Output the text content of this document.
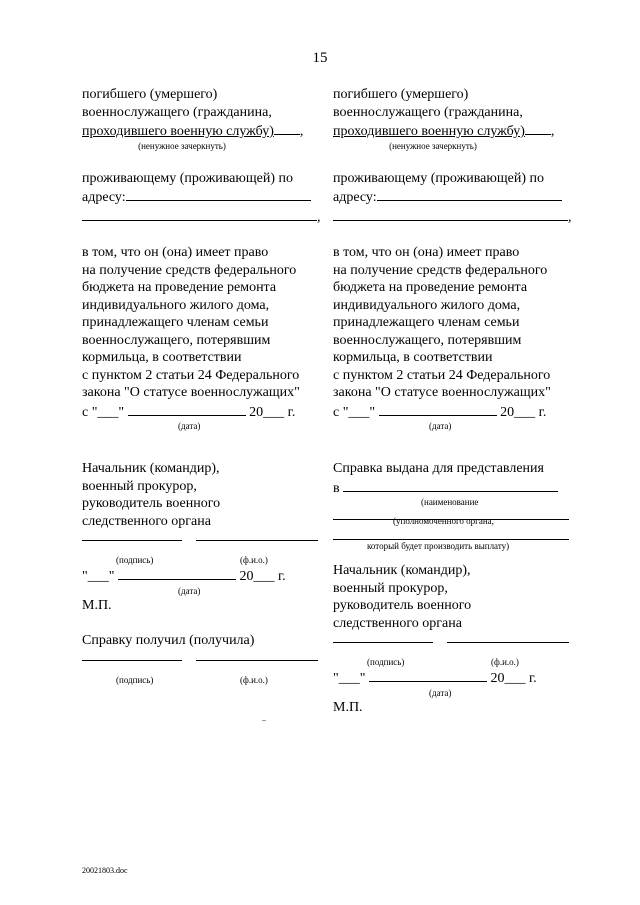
15
погибшего (умершего)
военнослужащего (гражданина,
проходившего военную службу) ,
(ненужное зачеркнуть)
проживающему (проживающей) по
адресу:
,
в том, что он (она) имеет право
на получение средств федерального
бюджета на проведение ремонта
индивидуального жилого дома,
принадлежащего членам семьи
военнослужащего, потерявшим
кормильца, в соответствии
с пунктом 2 статьи 24 Федерального
закона "О статусе военнослужащих"
с "___"	20___ г.
(дата)
Начальник (командир),
военный прокурор,
руководитель военного
следственного органа
(подпись)	(ф.и.о.)
"___"	20___ г.
(дата)
М.П.
Справку получил (получила)
(подпись)	(ф.и.о.)
погибшего (умершего)
военнослужащего (гражданина,
проходившего военную службу) ,
(ненужное зачеркнуть)
проживающему (проживающей) по
адресу:
,
в том, что он (она) имеет право
на получение средств федерального
бюджета на проведение ремонта
индивидуального жилого дома,
принадлежащего членам семьи
военнослужащего, потерявшим
кормильца, в соответствии
с пунктом 2 статьи 24 Федерального
закона "О статусе военнослужащих"
с "___"	20___ г.
(дата)
Справка выдана для представления
в
(наименование
(уполномоченного органа,
который будет производить выплату)
Начальник (командир),
военный прокурор,
руководитель военного
следственного органа
(подпись)	(ф.и.о.)
"___"	20___ г.
(дата)
М.П.
20021803.doc
